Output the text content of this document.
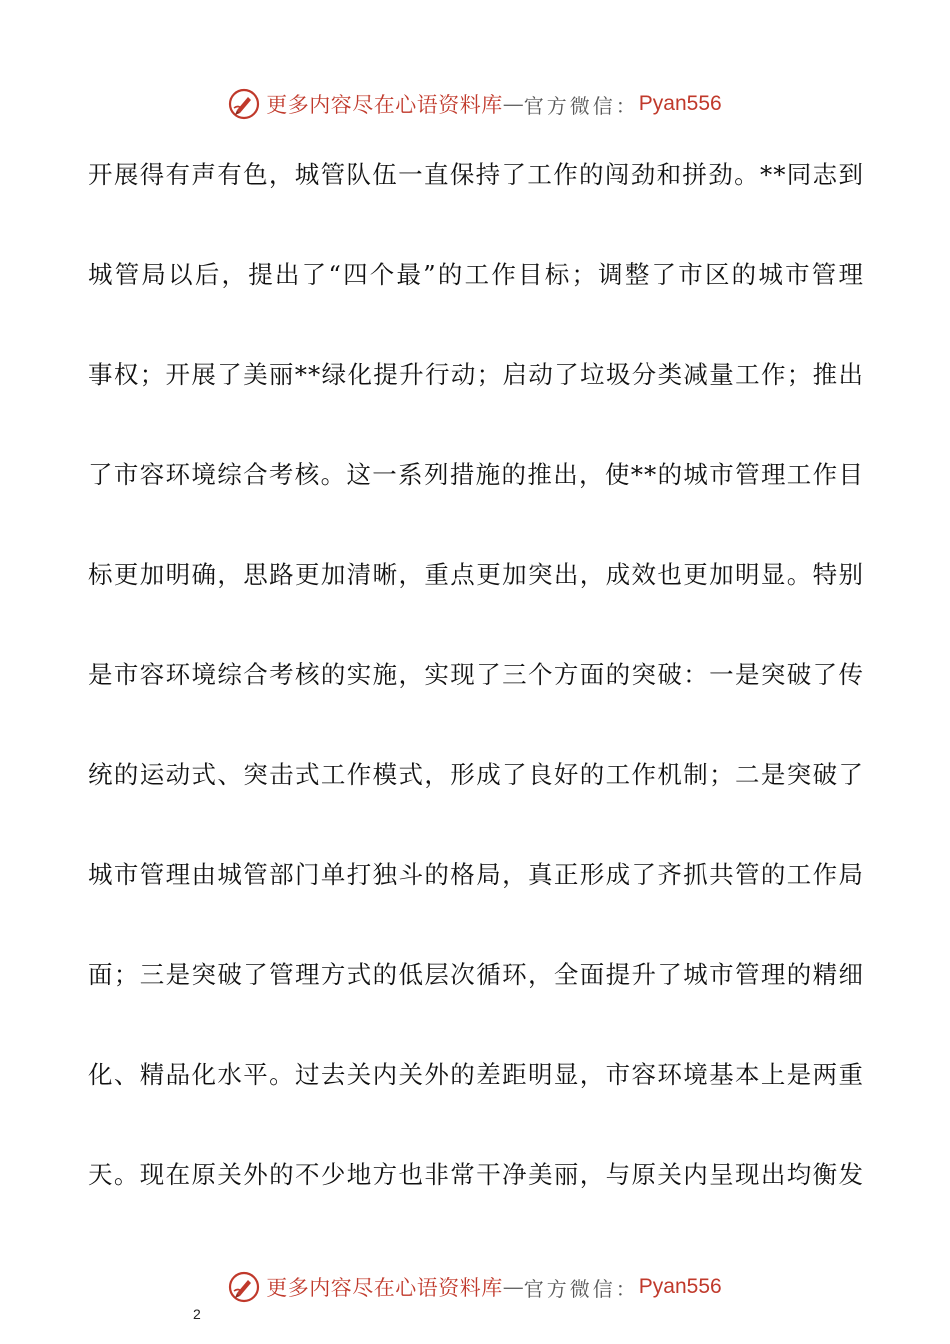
更多内容尽在心语资料库 — 官方微信： Pyan556
开展得有声有色，城管队伍一直保持了工作的闯劲和拼劲。**同志到
城管局以后，提出了“四个最”的工作目标；调整了市区的城市管理
事权；开展了美丽**绿化提升行动；启动了垃圾分类减量工作；推出
了市容环境综合考核。这一系列措施的推出，使**的城市管理工作目
标更加明确，思路更加清晰，重点更加突出，成效也更加明显。特别
是市容环境综合考核的实施，实现了三个方面的突破：一是突破了传
统的运动式、突击式工作模式，形成了良好的工作机制；二是突破了
城市管理由城管部门单打独斗的格局，真正形成了齐抓共管的工作局
面；三是突破了管理方式的低层次循环，全面提升了城市管理的精细
化、精品化水平。过去关内关外的差距明显，市容环境基本上是两重
天。现在原关外的不少地方也非常干净美丽，与原关内呈现出均衡发
更多内容尽在心语资料库 — 官方微信： Pyan556
2
